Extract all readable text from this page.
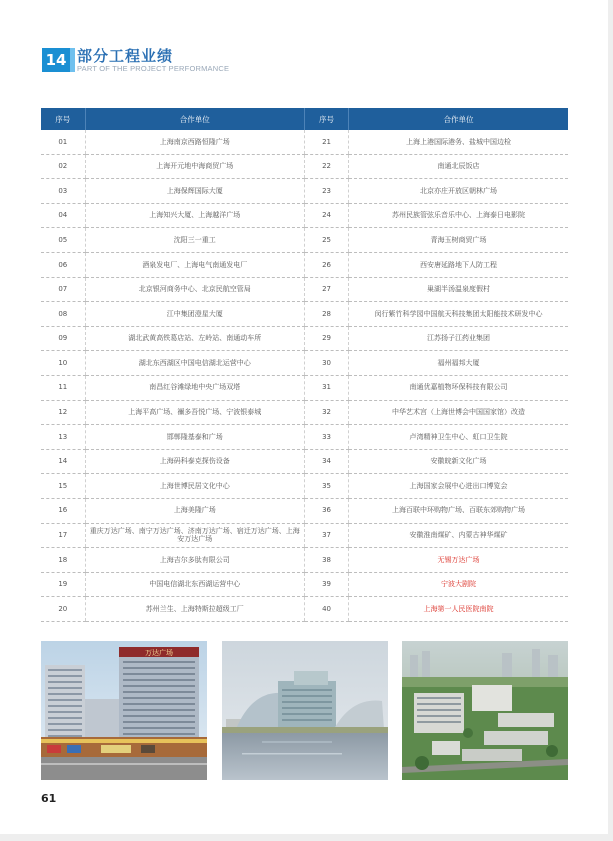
14 部分工程业绩
PART OF THE PROJECT PERFORMANCE
序号	合作单位	序号	合作单位
01	上海南京西路恒隆广场	21	上海上港国际港务、盐城中国边检
02	上海开元地中海商贸广场	22	南通北辰饭店
03	上海保辉国际大厦	23	北京亦庄开放区朝林广场
04	上海知兴大厦、上海越洋广场	24	苏州民族管弦乐音乐中心、上海泰日电影院
05	沈阳三一重工	25	青海玉树商贸广场
06	酒泉发电厂、上海电气南通发电厂	26	西安唐延路地下人防工程
07	北京银河商务中心、北京民航空管局	27	巢湖半汤温泉度假村
08	江中集团澄星大厦	28	闵行紫竹科学园中国航天科技集团太阳能技术研发中心
09	湖北武黄高铁葛店站、左岭站、南通动车所	29	江苏扬子江药业集团
10	湖北东西湖区中国电信湖北运营中心	30	福州福邦大厦
11	南昌红谷滩绿地中央广场双塔	31	南通优嘉植物环保科技有限公司
12	上海平高广场、禰多吾悦广场、宁波银泰城	32	中华艺术宫（上海世博会中国国家馆）改造
13	邯郸隆基泰和广场	33	卢湾精神卫生中心、虹口卫生院
14	上海码科泰克探伤设备	34	安徽皖新文化广场
15	上海世博民居文化中心	35	上海国家会展中心进出口博览会
16	上海美隆广场	36	上海百联中环购物广场、百联东郊购物广场
17	重庆万达广场、南宁万达广场、济南万达广场、宿迁万达广场、上海安万达广场	37	安徽淮南煤矿、内蒙古神华煤矿
18	上海吉尔多肽有限公司	38	无锡万达广场
19	中国电信湖北东西湖运营中心	39	宁波大剧院
20	苏州兰生、上海特斯拉超级工厂	40	上海第一人民医院南院
万达广场
61
